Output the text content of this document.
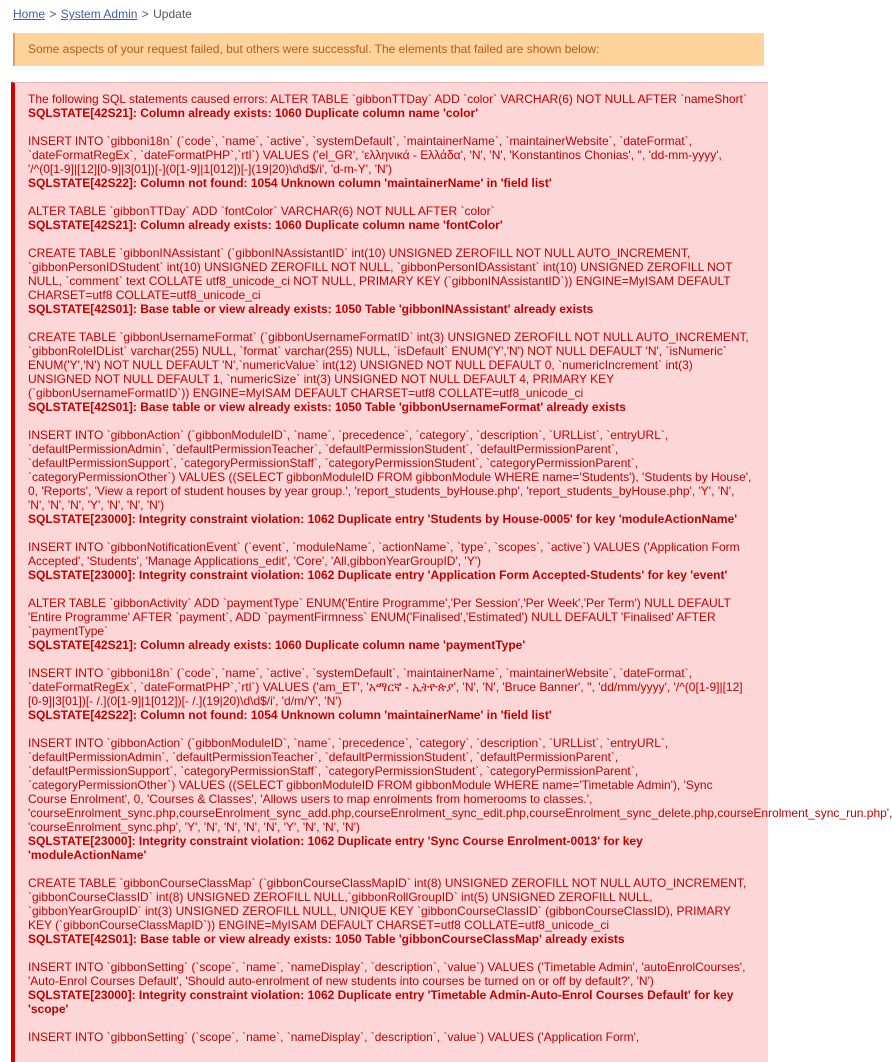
Home > System Admin > Update
Some aspects of your request failed, but others were successful. The elements that failed are shown below:
The following SQL statements caused errors: ALTER TABLE `gibbonTTDay` ADD `color` VARCHAR(6) NOT NULL AFTER `nameShort`
SQLSTATE[42S21]: Column already exists: 1060 Duplicate column name 'color'
INSERT INTO `gibboni18n` (`code`, `name`, `active`, `systemDefault`, `maintainerName`, `maintainerWebsite`, `dateFormat`,
`dateFormatRegEx`, `dateFormatPHP`,`rtl`) VALUES ('el_GR', 'ελληνικά - Ελλάδα', 'N', 'N', 'Konstantinos Chonias', '', 'dd-mm-yyyy',
'/^(0[1-9]|[12][0-9]|3[01])[-](0[1-9]|1[012])[-](19|20)\d\d$/i', 'd-m-Y', 'N')
SQLSTATE[42S22]: Column not found: 1054 Unknown column 'maintainerName' in 'field list'
ALTER TABLE `gibbonTTDay` ADD `fontColor` VARCHAR(6) NOT NULL AFTER `color`
SQLSTATE[42S21]: Column already exists: 1060 Duplicate column name 'fontColor'
CREATE TABLE `gibbonINAssistant` (`gibbonINAssistantID` int(10) UNSIGNED ZEROFILL NOT NULL AUTO_INCREMENT,
`gibbonPersonIDStudent` int(10) UNSIGNED ZEROFILL NOT NULL, `gibbonPersonIDAssistant` int(10) UNSIGNED ZEROFILL NOT
NULL, `comment` text COLLATE utf8_unicode_ci NOT NULL, PRIMARY KEY (`gibbonINAssistantID`)) ENGINE=MyISAM DEFAULT
CHARSET=utf8 COLLATE=utf8_unicode_ci
SQLSTATE[42S01]: Base table or view already exists: 1050 Table 'gibbonINAssistant' already exists
CREATE TABLE `gibbonUsernameFormat` (`gibbonUsernameFormatID` int(3) UNSIGNED ZEROFILL NOT NULL AUTO_INCREMENT,
`gibbonRoleIDList` varchar(255) NULL, `format` varchar(255) NULL, `isDefault` ENUM('Y','N') NOT NULL DEFAULT 'N', `isNumeric`
ENUM('Y','N') NOT NULL DEFAULT 'N',`numericValue` int(12) UNSIGNED NOT NULL DEFAULT 0, `numericIncrement` int(3)
UNSIGNED NOT NULL DEFAULT 1, `numericSize` int(3) UNSIGNED NOT NULL DEFAULT 4, PRIMARY KEY
(`gibbonUsernameFormatID`)) ENGINE=MyISAM DEFAULT CHARSET=utf8 COLLATE=utf8_unicode_ci
SQLSTATE[42S01]: Base table or view already exists: 1050 Table 'gibbonUsernameFormat' already exists
INSERT INTO `gibbonAction` (`gibbonModuleID`, `name`, `precedence`, `category`, `description`, `URLList`, `entryURL`,
`defaultPermissionAdmin`, `defaultPermissionTeacher`, `defaultPermissionStudent`, `defaultPermissionParent`,
`defaultPermissionSupport`, `categoryPermissionStaff`, `categoryPermissionStudent`, `categoryPermissionParent`,
`categoryPermissionOther`) VALUES ((SELECT gibbonModuleID FROM gibbonModule WHERE name='Students'), 'Students by House',
0, 'Reports', 'View a report of student houses by year group.', 'report_students_byHouse.php', 'report_students_byHouse.php', 'Y', 'N',
'N', 'N', 'N', 'Y', 'N', 'N', 'N')
SQLSTATE[23000]: Integrity constraint violation: 1062 Duplicate entry 'Students by House-0005' for key 'moduleActionName'
INSERT INTO `gibbonNotificationEvent` (`event`, `moduleName`, `actionName`, `type`, `scopes`, `active`) VALUES ('Application Form
Accepted', 'Students', 'Manage Applications_edit', 'Core', 'All,gibbonYearGroupID', 'Y')
SQLSTATE[23000]: Integrity constraint violation: 1062 Duplicate entry 'Application Form Accepted-Students' for key 'event'
ALTER TABLE `gibbonActivity` ADD `paymentType` ENUM('Entire Programme','Per Session','Per Week','Per Term') NULL DEFAULT
'Entire Programme' AFTER `payment`, ADD `paymentFirmness` ENUM('Finalised','Estimated') NULL DEFAULT 'Finalised' AFTER
`paymentType`
SQLSTATE[42S21]: Column already exists: 1060 Duplicate column name 'paymentType'
INSERT INTO `gibboni18n` (`code`, `name`, `active`, `systemDefault`, `maintainerName`, `maintainerWebsite`, `dateFormat`,
`dateFormatRegEx`, `dateFormatPHP`,`rtl`) VALUES ('am_ET', 'አማርኛ - ኢትዮጵያ', 'N', 'N', 'Bruce Banner', '', 'dd/mm/yyyy', '/^(0[1-9]|[12]
[0-9]|3[01])[- /.](0[1-9]|1[012])[- /.](19|20)\d\d$/i', 'd/m/Y', 'N')
SQLSTATE[42S22]: Column not found: 1054 Unknown column 'maintainerName' in 'field list'
INSERT INTO `gibbonAction` (`gibbonModuleID`, `name`, `precedence`, `category`, `description`, `URLList`, `entryURL`,
`defaultPermissionAdmin`, `defaultPermissionTeacher`, `defaultPermissionStudent`, `defaultPermissionParent`,
`defaultPermissionSupport`, `categoryPermissionStaff`, `categoryPermissionStudent`, `categoryPermissionParent`,
`categoryPermissionOther`) VALUES ((SELECT gibbonModuleID FROM gibbonModule WHERE name='Timetable Admin'), 'Sync
Course Enrolment', 0, 'Courses & Classes', 'Allows users to map enrolments from homerooms to classes.',
'courseEnrolment_sync.php,courseEnrolment_sync_add.php,courseEnrolment_sync_edit.php,courseEnrolment_sync_delete.php,courseEnrolment_sync_run.php',
'courseEnrolment_sync.php', 'Y', 'N', 'N', 'N', 'N', 'Y', 'N', 'N', 'N')
SQLSTATE[23000]: Integrity constraint violation: 1062 Duplicate entry 'Sync Course Enrolment-0013' for key
'moduleActionName'
CREATE TABLE `gibbonCourseClassMap` (`gibbonCourseClassMapID` int(8) UNSIGNED ZEROFILL NOT NULL AUTO_INCREMENT,
`gibbonCourseClassID` int(8) UNSIGNED ZEROFILL NULL,`gibbonRollGroupID` int(5) UNSIGNED ZEROFILL NULL,
`gibbonYearGroupID` int(3) UNSIGNED ZEROFILL NULL, UNIQUE KEY `gibbonCourseClassID` (gibbonCourseClassID), PRIMARY
KEY (`gibbonCourseClassMapID`)) ENGINE=MyISAM DEFAULT CHARSET=utf8 COLLATE=utf8_unicode_ci
SQLSTATE[42S01]: Base table or view already exists: 1050 Table 'gibbonCourseClassMap' already exists
INSERT INTO `gibbonSetting` (`scope`, `name`, `nameDisplay`, `description`, `value`) VALUES ('Timetable Admin', 'autoEnrolCourses',
'Auto-Enrol Courses Default', 'Should auto-enrolment of new students into courses be turned on or off by default?', 'N')
SQLSTATE[23000]: Integrity constraint violation: 1062 Duplicate entry 'Timetable Admin-Auto-Enrol Courses Default' for key
'scope'
INSERT INTO `gibbonSetting` (`scope`, `name`, `nameDisplay`, `description`, `value`) VALUES ('Application Form',
